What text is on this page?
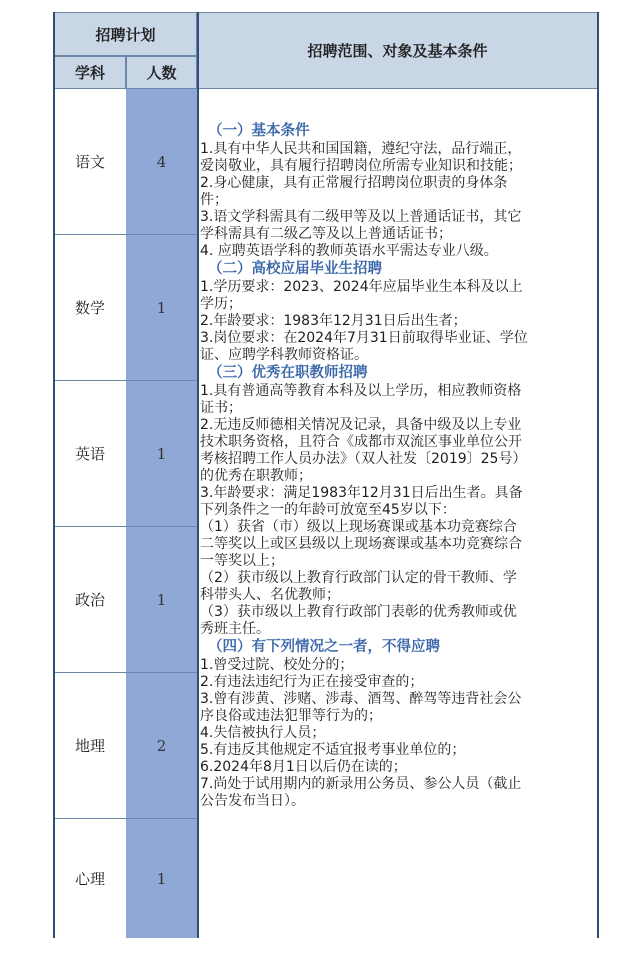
招聘计划
学科	人数
招聘范围、对象及基本条件
语文	4
数学	1
英语	1
政治	1
地理	2
心理	1
（一）基本条件
1.具有中华人民共和国国籍，遵纪守法，品行端正，
爱岗敬业，具有履行招聘岗位所需专业知识和技能；
2.身心健康，具有正常履行招聘岗位职责的身体条
件；
3.语文学科需具有二级甲等及以上普通话证书，其它
学科需具有二级乙等及以上普通话证书；
4. 应聘英语学科的教师英语水平需达专业八级。
（二）高校应届毕业生招聘
1.学历要求：2023、2024年应届毕业生本科及以上
学历；
2.年龄要求：1983年12月31日后出生者；
3.岗位要求：在2024年7月31日前取得毕业证、学位
证、应聘学科教师资格证。
（三）优秀在职教师招聘
1.具有普通高等教育本科及以上学历，相应教师资格
证书；
2.无违反师德相关情况及记录，具备中级及以上专业
技术职务资格，且符合《成都市双流区事业单位公开
考核招聘工作人员办法》（双人社发〔2019〕25号）
的优秀在职教师；
3.年龄要求：满足1983年12月31日后出生者。具备
下列条件之一的年龄可放宽至45岁以下：
（1）获省（市）级以上现场赛课或基本功竞赛综合
二等奖以上或区县级以上现场赛课或基本功竞赛综合
一等奖以上；
（2）获市级以上教育行政部门认定的骨干教师、学
科带头人、名优教师；
（3）获市级以上教育行政部门表彰的优秀教师或优
秀班主任。
（四）有下列情况之一者，不得应聘
1.曾受过院、校处分的；
2.有违法违纪行为正在接受审查的；
3.曾有涉黄、涉赌、涉毒、酒驾、醉驾等违背社会公
序良俗或违法犯罪等行为的；
4.失信被执行人员；
5.有违反其他规定不适宜报考事业单位的；
6.2024年8月1日以后仍在读的；
7.尚处于试用期内的新录用公务员、参公人员（截止
公告发布当日）。
